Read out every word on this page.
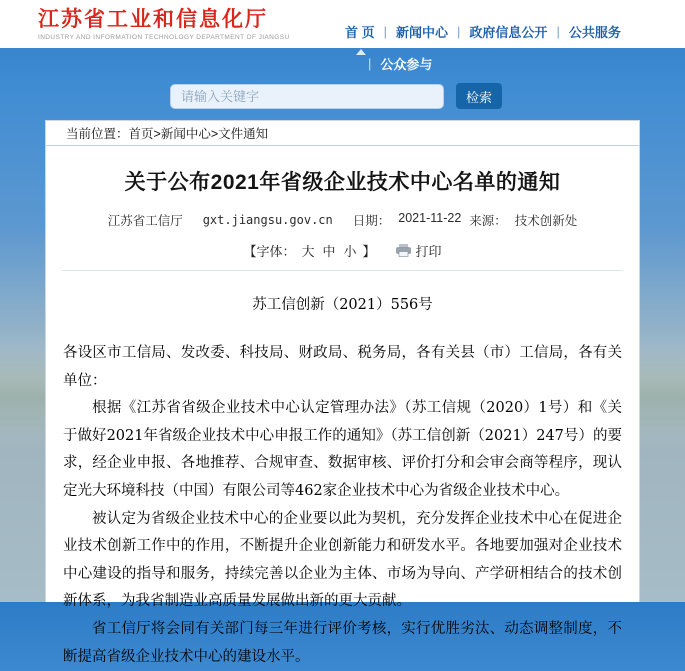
江苏省工业和信息化厅
INDUSTRY AND INFORMATION TECHNOLOGY DEPARTMENT OF JIANGSU	首 页 | 新闻中心 | 政府信息公开 | 公共服务
| 公众参与
请输入关键字
检索
当前位置： 首页>新闻中心>文件通知
关于公布2021年省级企业技术中心名单的通知
江苏省工信厅 gxt.jiangsu.gov.cn 日期： 2021-11-22 来源： 技术创新处
【字体： 大 中 小 】	打印
苏工信创新（2021）556号

各设区市工信局、发改委、科技局、财政局、税务局，各有关县（市）工信局，各有关单位：

根据《江苏省省级企业技术中心认定管理办法》（苏工信规（2020）1号）和《关于做好2021年省级企业技术中心申报工作的通知》（苏工信创新（2021）247号）的要求，经企业申报、各地推荐、合规审查、数据审核、评价打分和会审会商等程序，现认定光大环境科技（中国）有限公司等462家企业技术中心为省级企业技术中心。

被认定为省级企业技术中心的企业要以此为契机，充分发挥企业技术中心在促进企业技术创新工作中的作用，不断提升企业创新能力和研发水平。各地要加强对企业技术中心建设的指导和服务，持续完善以企业为主体、市场为导向、产学研相结合的技术创新体系，为我省制造业高质量发展做出新的更大贡献。

省工信厅将会同有关部门每三年进行评价考核，实行优胜劣汰、动态调整制度，不断提高省级企业技术中心的建设水平。
